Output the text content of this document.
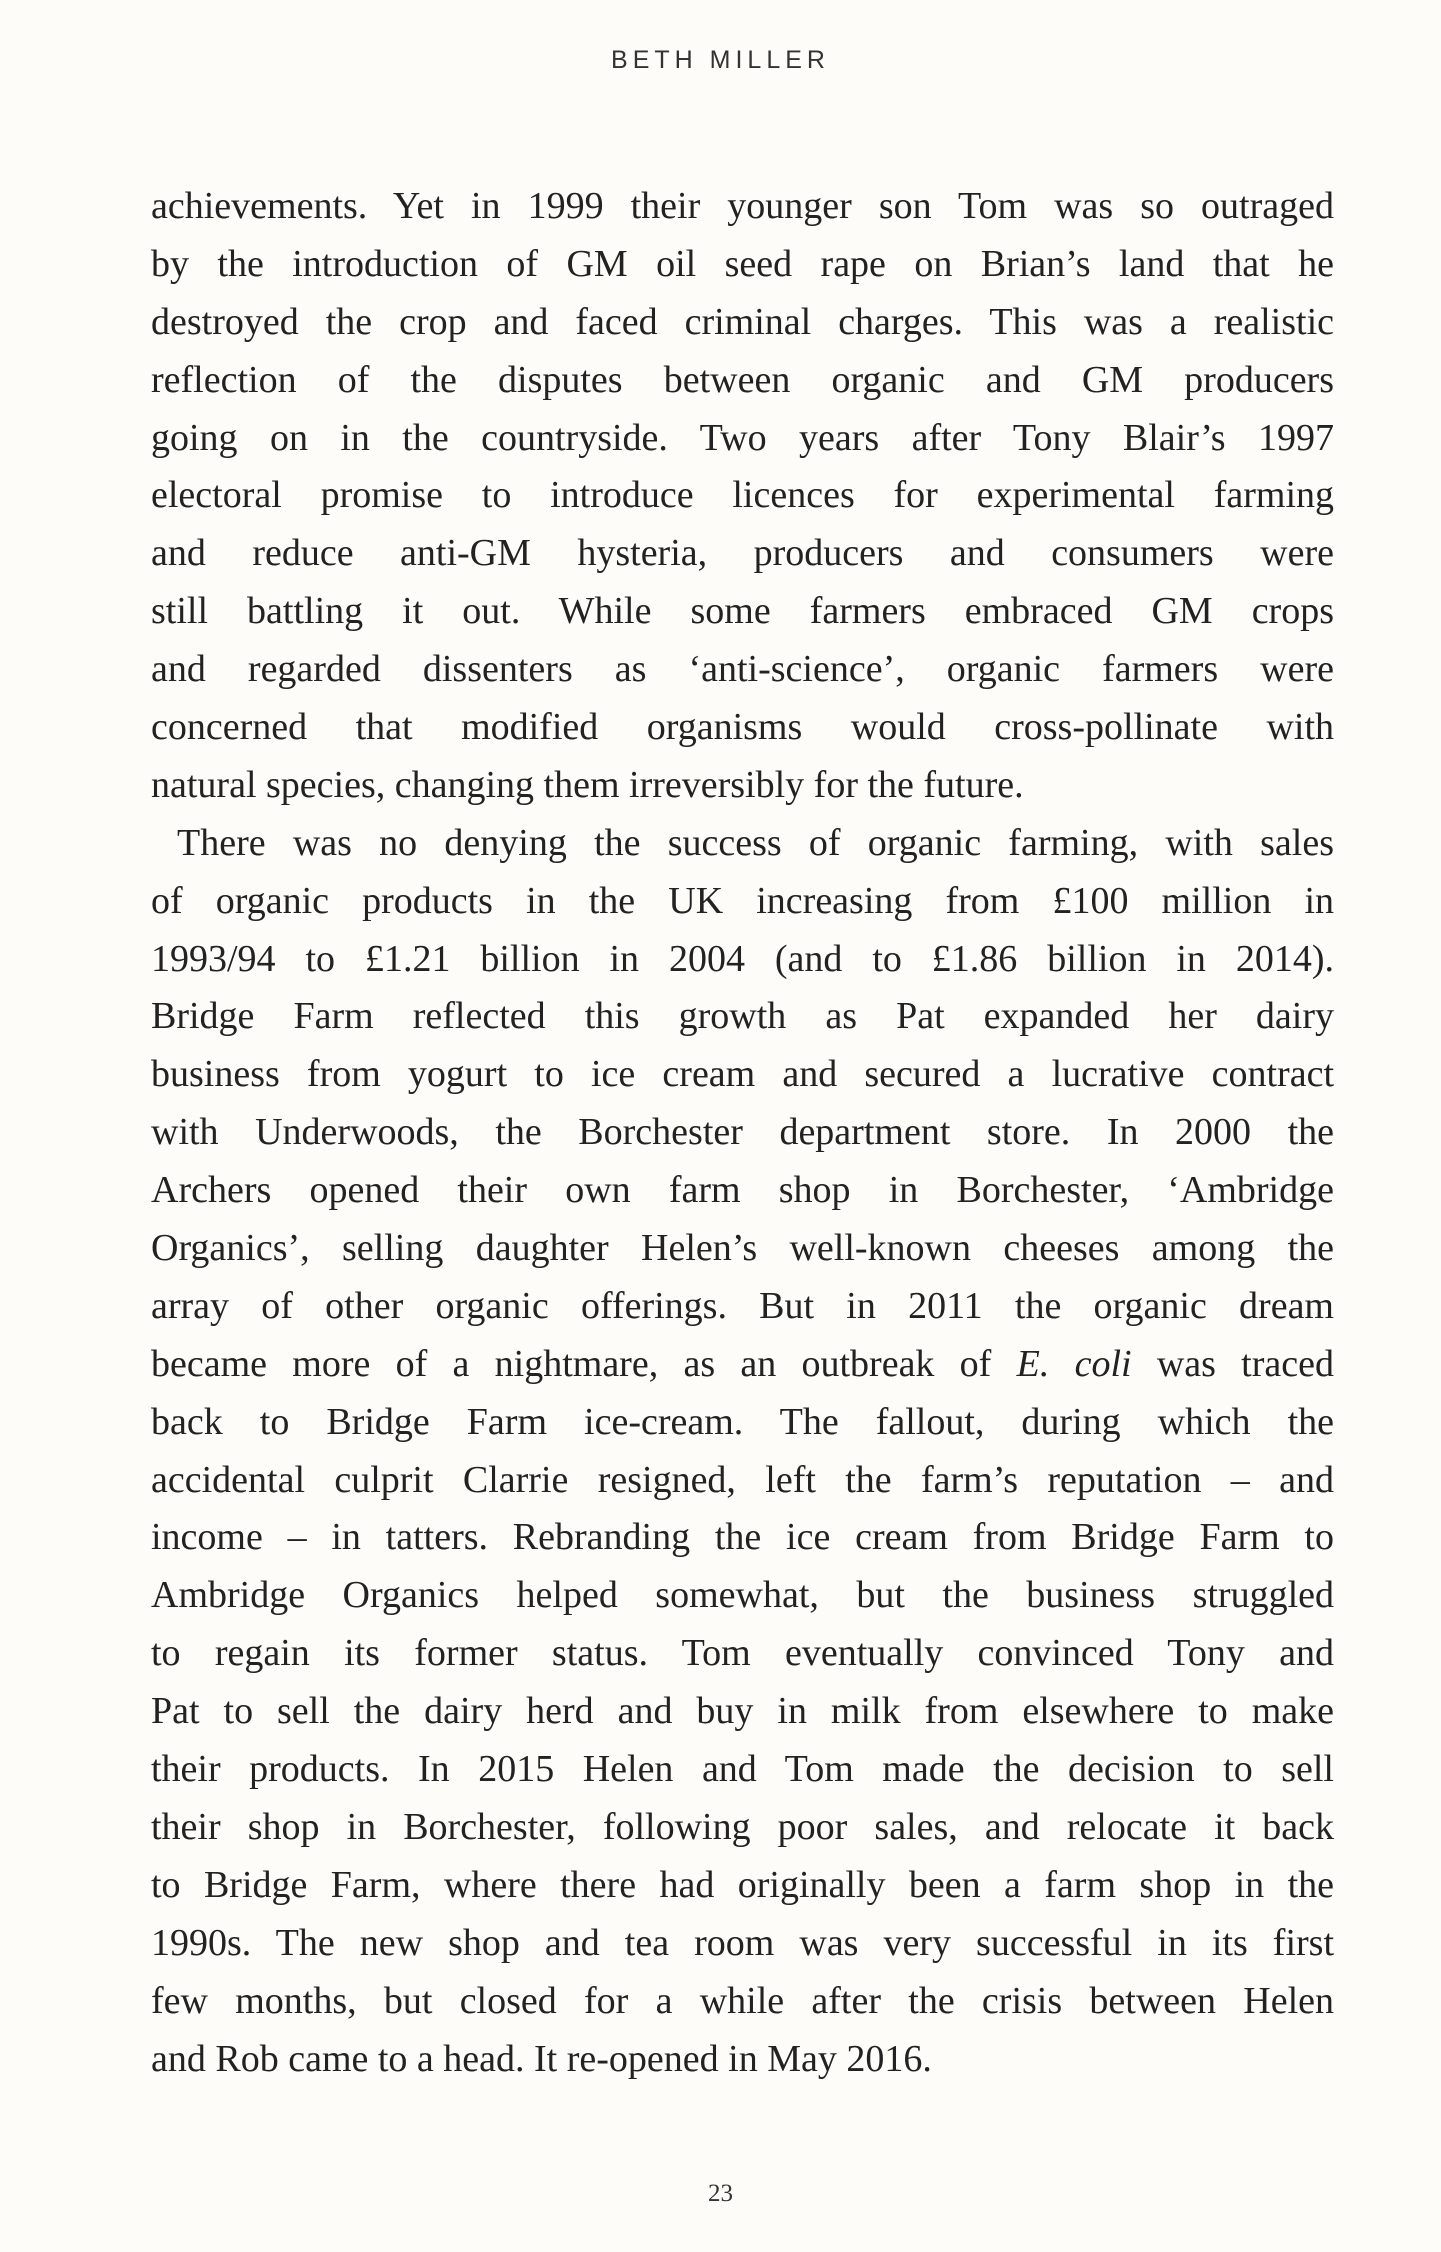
BETH MILLER
achievements. Yet in 1999 their younger son Tom was so outraged
by the introduction of GM oil seed rape on Brian’s land that he
destroyed the crop and faced criminal charges. This was a realistic
reflection of the disputes between organic and GM producers
going on in the countryside. Two years after Tony Blair’s 1997
electoral promise to introduce licences for experimental farming
and reduce anti-GM hysteria, producers and consumers were
still battling it out. While some farmers embraced GM crops
and regarded dissenters as ‘anti-science’, organic farmers were
concerned that modified organisms would cross-pollinate with
natural species, changing them irreversibly for the future.
There was no denying the success of organic farming, with sales
of organic products in the UK increasing from £100 million in
1993/94 to £1.21 billion in 2004 (and to £1.86 billion in 2014).
Bridge Farm reflected this growth as Pat expanded her dairy
business from yogurt to ice cream and secured a lucrative contract
with Underwoods, the Borchester department store. In 2000 the
Archers opened their own farm shop in Borchester, ‘Ambridge
Organics’, selling daughter Helen’s well-known cheeses among the
array of other organic offerings. But in 2011 the organic dream
became more of a nightmare, as an outbreak of E. coli was traced
back to Bridge Farm ice-cream. The fallout, during which the
accidental culprit Clarrie resigned, left the farm’s reputation – and
income – in tatters. Rebranding the ice cream from Bridge Farm to
Ambridge Organics helped somewhat, but the business struggled
to regain its former status. Tom eventually convinced Tony and
Pat to sell the dairy herd and buy in milk from elsewhere to make
their products. In 2015 Helen and Tom made the decision to sell
their shop in Borchester, following poor sales, and relocate it back
to Bridge Farm, where there had originally been a farm shop in the
1990s. The new shop and tea room was very successful in its first
few months, but closed for a while after the crisis between Helen
and Rob came to a head. It re-opened in May 2016.
23
